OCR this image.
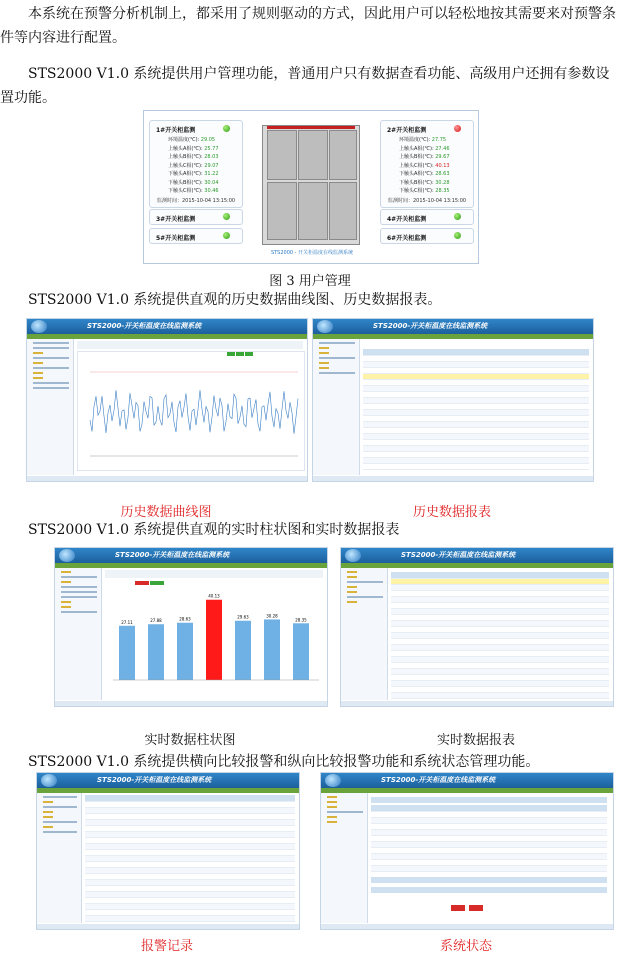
本系统在预警分析机制上，都采用了规则驱动的方式，因此用户可以轻松地按其需要来对预警条件等内容进行配置。

STS2000 V1.0 系统提供用户管理功能，普通用户只有数据查看功能、高级用户还拥有参数设置功能。

1#开关柜监测
环境温度(℃): 29.05
上触头A相(℃): 25.77
上触头B相(℃): 28.03
上触头C相(℃): 29.07
下触头A相(℃): 31.22
下触头B相(℃): 30.04
下触头C相(℃): 30.46
监测时间：2015-10-04 13:15:00
3#开关柜监测
5#开关柜监测
STS2000 - 开关柜温度在线监测系统
2#开关柜监测
环境温度(℃): 27.75
上触头A相(℃): 27.46
上触头B相(℃): 29.67
上触头C相(℃): 40.13
下触头A相(℃): 28.63
下触头B相(℃): 30.28
下触头C相(℃): 28.35
监测时间：2015-10-04 13:15:00
4#开关柜监测
6#开关柜监测
图 3 用户管理

STS2000 V1.0 系统提供直观的历史数据曲线图、历史数据报表。

STS2000-开关柜温度在线监测系统	STS2000-开关柜温度在线监测系统
历史数据曲线图	历史数据报表

STS2000 V1.0 系统提供直观的实时柱状图和实时数据报表

STS2000-开关柜温度在线监测系统
27.11	27.88	28.63
40.13
29.63	30.28
28.35
STS2000-开关柜温度在线监测系统
实时数据柱状图	实时数据报表

STS2000 V1.0 系统提供横向比较报警和纵向比较报警功能和系统状态管理功能。

STS2000-开关柜温度在线监测系统	STS2000-开关柜温度在线监测系统
报警记录	系统状态
